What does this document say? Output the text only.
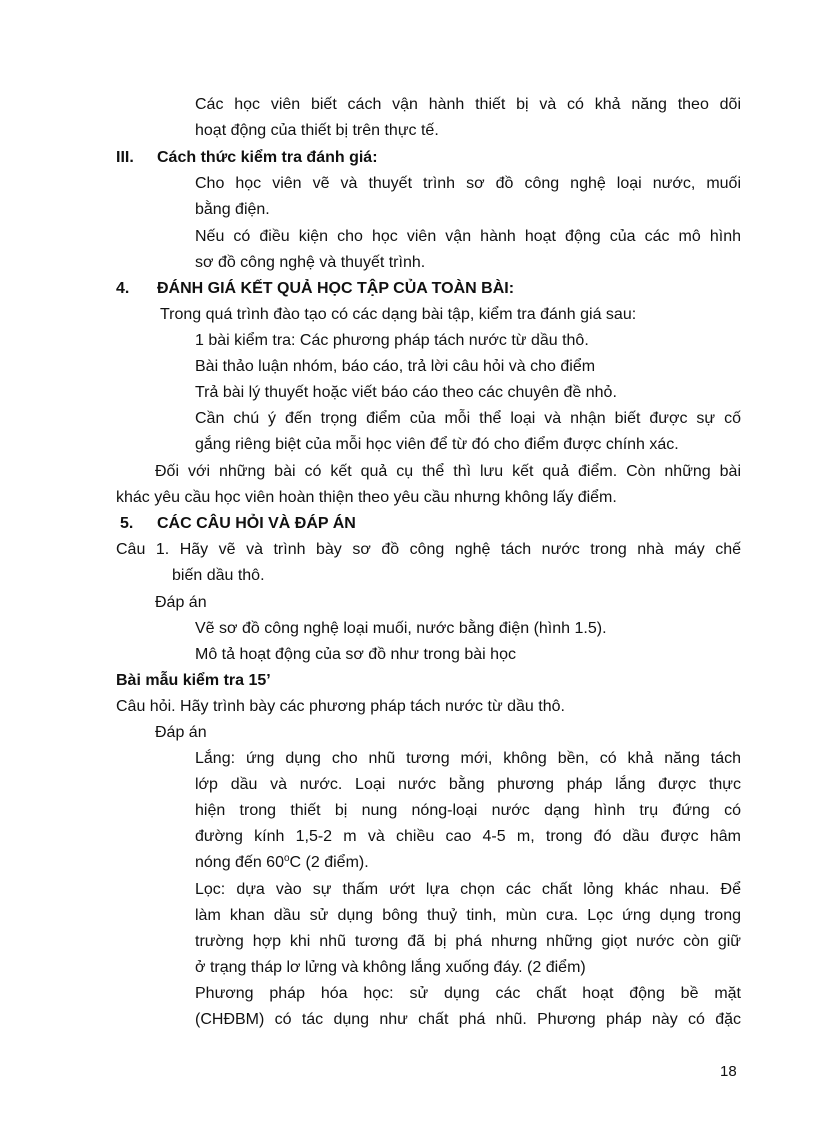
Các học viên biết cách vận hành thiết bị và có khả năng theo dõi
hoạt động của thiết bị trên thực tế.
III. Cách thức kiểm tra đánh giá:
Cho học viên vẽ và thuyết trình sơ đồ công nghệ loại nước, muối
bằng điện.
Nếu có điều kiện cho học viên vận hành hoạt động của các mô hình
sơ đồ công nghệ và thuyết trình.
4. ĐÁNH GIÁ KẾT QUẢ HỌC TẬP CỦA TOÀN BÀI:
Trong quá trình đào tạo có các dạng bài tập, kiểm tra đánh giá sau:
1 bài kiểm tra: Các phương pháp tách nước từ dầu thô.
Bài thảo luận nhóm, báo cáo, trả lời câu hỏi và cho điểm
Trả bài lý thuyết hoặc viết báo cáo theo các chuyên đề nhỏ.
Cần chú ý đến trọng điểm của mỗi thể loại và nhận biết được sự cố
gắng riêng biệt của mỗi học viên để từ đó cho điểm được chính xác.
Đối với những bài có kết quả cụ thể thì lưu kết quả điểm. Còn những bài
khác yêu cầu học viên hoàn thiện theo yêu cầu nhưng không lấy điểm.
5. CÁC CÂU HỎI VÀ ĐÁP ÁN
Câu 1. Hãy vẽ và trình bày sơ đồ công nghệ tách nước trong nhà máy chế
biến dầu thô.
Đáp án
Vẽ sơ đồ công nghệ loại muối, nước bằng điện (hình 1.5).
Mô tả hoạt động của sơ đồ như trong bài học
Bài mẫu kiểm tra 15’
Câu hỏi. Hãy trình bày các phương pháp tách nước từ dầu thô.
Đáp án
Lắng: ứng dụng cho nhũ tương mới, không bền, có khả năng tách
lớp dầu và nước. Loại nước bằng phương pháp lắng được thực
hiện trong thiết bị nung nóng-loại nước dạng hình trụ đứng có
đường kính 1,5-2 m và chiều cao 4-5 m, trong đó dầu được hâm
nóng đến 60$^o$C (2 điểm).
Lọc: dựa vào sự thấm ướt lựa chọn các chất lỏng khác nhau. Để
làm khan dầu sử dụng bông thuỷ tinh, mùn cưa. Lọc ứng dụng trong
trường hợp khi nhũ tương đã bị phá nhưng những giọt nước còn giữ
ở trạng tháp lơ lửng và không lắng xuống đáy. (2 điểm)
Phương pháp hóa học: sử dụng các chất hoạt động bề mặt
(CHĐBM) có tác dụng như chất phá nhũ. Phương pháp này có đặc
18
